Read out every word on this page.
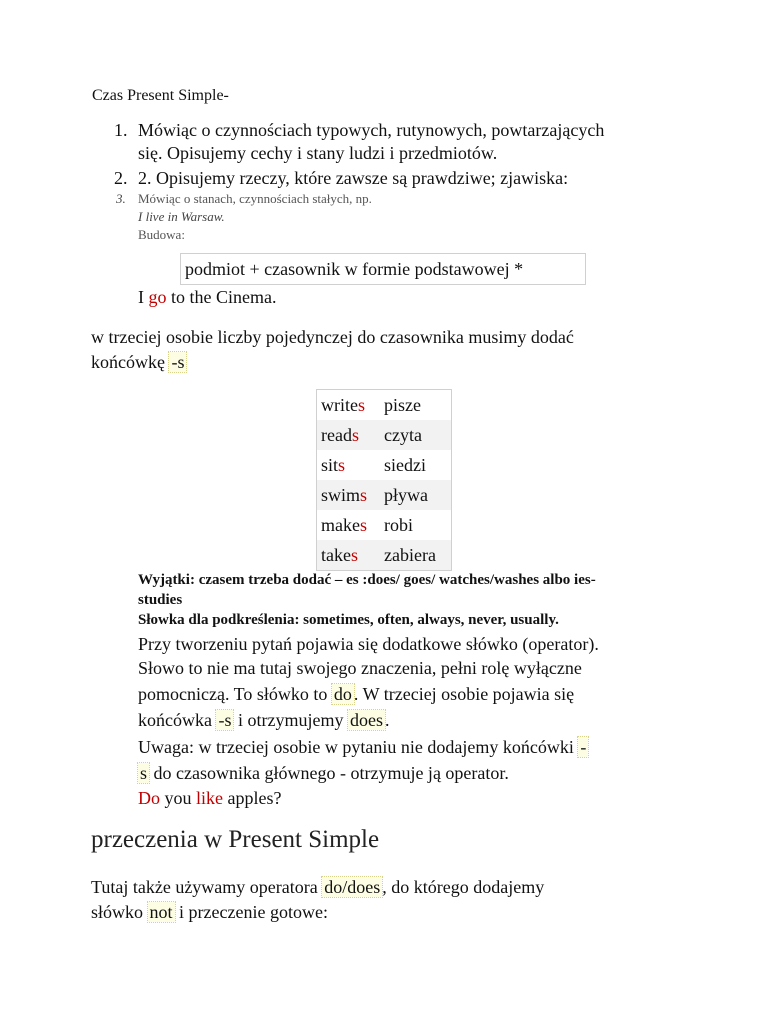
Czas Present Simple-
1. Mówiąc o czynnościach typowych, rutynowych, powtarzających
się. Opisujemy cechy i stany ludzi i przedmiotów.
2. 2. Opisujemy rzeczy, które zawsze są prawdziwe; zjawiska:
3. Mówiąc o stanach, czynnościach stałych, np.
I live in Warsaw.
Budowa:
podmiot + czasownik w formie podstawowej *
I go to the Cinema.
w trzeciej osobie liczby pojedynczej do czasownika musimy dodać
końcówkę -s
writes	pisze
reads	czyta
sits	siedzi
swims	pływa
makes	robi
takes	zabiera
Wyjątki: czasem trzeba dodać – es :does/ goes/ watches/washes albo ies-
studies
Słowka dla podkreślenia: sometimes, often, always, never, usually.
Przy tworzeniu pytań pojawia się dodatkowe słówko (operator).
Słowo to nie ma tutaj swojego znaczenia, pełni rolę wyłączne
pomocniczą. To słówko to do . W trzeciej osobie pojawia się
końcówka -s i otrzymujemy does .
Uwaga: w trzeciej osobie w pytaniu nie dodajemy końcówki -
s do czasownika głównego - otrzymuje ją operator.
Do you like apples?
przeczenia w Present Simple
Tutaj także używamy operatora do/does , do którego dodajemy
słówko not i przeczenie gotowe:
